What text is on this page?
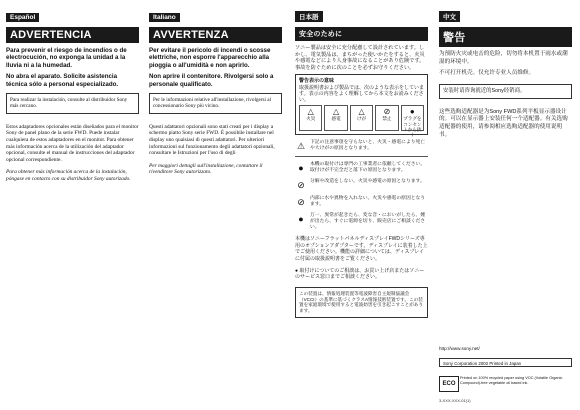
Español
ADVERTENCIA
Para prevenir el riesgo de incendios o de electrocución, no exponga la unidad a la lluvia ni a la humedad.
No abra el aparato. Solicite asistencia técnica sólo a personal especializado.
Para realizar la instalación, consulte al distribuidor Sony más cercano.
Estos adaptadores opcionales están diseñados para el monitor Sony de panel plano de la serie FWD. Puede instalar cualquiera de estos adaptadores en el monitor. Para obtener más información acerca de la utilización del adaptador opcional, consulte el manual de instrucciones del adaptador opcional correspondiente.
Para obtener más información acerca de la instalación, póngase en contacto con su distribuidor Sony autorizado.
Italiano
AVVERTENZA
Per evitare il pericolo di incendi o scosse elettriche, non esporre l'apparecchio alla pioggia o all'umidità e non aprirlo.
Non aprire il contenitore. Rivolgersi solo a personale qualificato.
Per le informazioni relative all'installazione, rivolgersi al concessionario Sony più vicino.
Questi adattatori opzionali sono stati creati per i display a schermo piatto Sony serie FWD. È possibile installare nel display uno qualsiasi di questi adattatori. Per ulteriori informazioni sul funzionamento degli adattatori opzionali, consultare le Istruzioni per l'uso di degli
Per maggiori dettagli sull'installazione, contattare il rivenditore Sony autorizzato.
日本語
安全のために
ソニー製品は安全に充分配慮して設計されています。しかし、電気製品は、まちがった使いかたをすると、火災や感電などにより人身事故になることがあり危険です。事故を防ぐために次のことを必ずお守りください。
警告表示の意味
取扱説明書および製品では、次のような表示をしています。表示の内容をよく理解してから本文をお読みください。
△
火災
△
感電
△
けが
⊘
禁止
●
プラグをコンセントから抜く
⚠	下記の注意事項を守らないと、火災・感電により死亡や大けがの原因となります。
●	本機の取付けは専門の工事業者に依頼してください。取付けが不完全だと落下の原因となります。
⊘	分解や改造をしない。火災や感電の原因となります。
⊘	内部に水や異物を入れない。火災や感電の原因となります。
●	万一、異常が起きたら、変な音・においがしたら、煙が出たら、すぐに電源を切り、販売店にご相談ください。
本機はソニーフラットパネルディスプレイFWDシリーズ専用のオプションアダプターです。ディスプレイに装着した上でご使用ください。機能の詳細については、ディスプレイに付属の取扱説明書をご覧ください。
● 取付けについてのご相談は、お買い上げ店またはソニーのサービス窓口までご相談ください。
この装置は、情報処理装置等電波障害自主規制協議会（VCCI）の基準に基づくクラスA情報技術装置です。この装置を家庭環境で使用すると電波妨害を引き起こすことがあります。
中文
警告
为预防火灾或电击的危险，切勿将本机置于雨水或潮湿的环境中。
不可打开机壳。仅允许专业人员维修。
安装时请咨询就近的Sony经销商。
这些选购适配器是为Sony FWD系列平板显示器设计的。可以在显示器上安装任何一个适配器。有关选购适配器的使用，请参阅相应选购适配器的使用说明书。
http://www.sony.net/
Sony Corporation 2002 Printed in Japan
ECO
Printed on 100% recycled paper using VOC (Volatile Organic Compound)-free vegetable oil based ink.
3-XXX-XXX-01(1)
